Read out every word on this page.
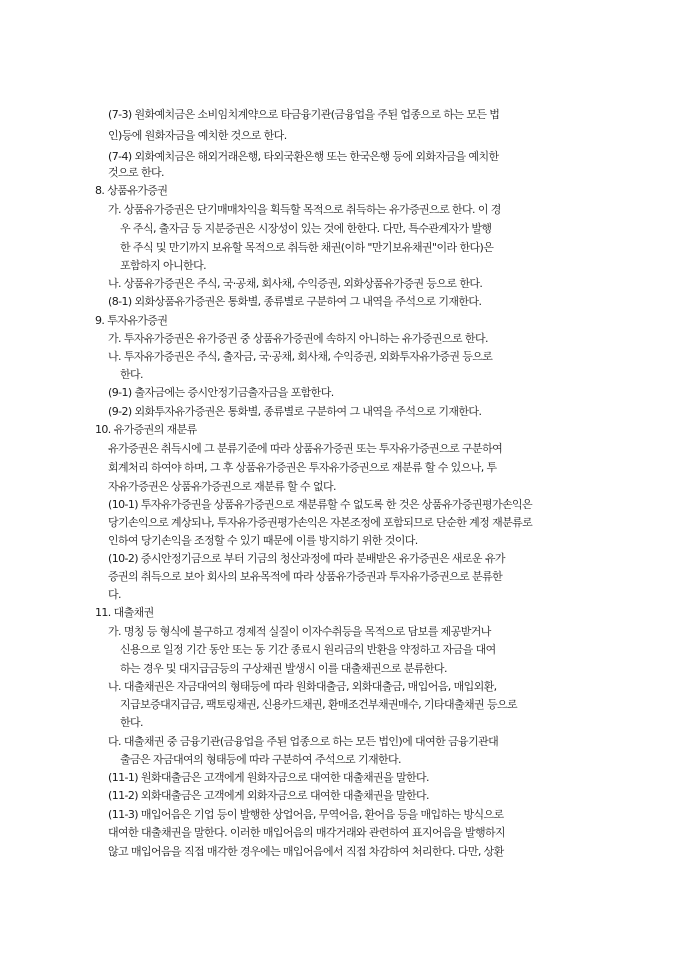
(7-3) 원화예치금은 소비임치계약으로 타금융기관(금융업을 주된 업종으로 하는 모든 법
인)등에 원화자금을 예치한 것으로 한다.
(7-4) 외화예치금은 해외거래은행, 타외국환은행 또는 한국은행 등에 외화자금을 예치한
것으로 한다.
8. 상품유가증권
가. 상품유가증권은 단기매매차익을 획득할 목적으로 취득하는 유가증권으로 한다. 이 경
우 주식, 출자금 등 지분증권은 시장성이 있는 것에 한한다. 다만, 특수관계자가 발행
한 주식 및 만기까지 보유할 목적으로 취득한 채권(이하 "만기보유채권"이라 한다)은
포함하지 아니한다.
나. 상품유가증권은 주식, 국·공채, 회사채, 수익증권, 외화상품유가증권 등으로 한다.
(8-1) 외화상품유가증권은 통화별, 종류별로 구분하여 그 내역을 주석으로 기재한다.
9. 투자유가증권
가. 투자유가증권은 유가증권 중 상품유가증권에 속하지 아니하는 유가증권으로 한다.
나. 투자유가증권은 주식, 출자금, 국·공채, 회사채, 수익증권, 외화투자유가증권 등으로
한다.
(9-1) 출자금에는 증시안정기금출자금을 포함한다.
(9-2) 외화투자유가증권은 통화별, 종류별로 구분하여 그 내역을 주석으로 기재한다.
10. 유가증권의 재분류
유가증권은 취득시에 그 분류기준에 따라 상품유가증권 또는 투자유가증권으로 구분하여
회계처리 하여야 하며, 그 후 상품유가증권은 투자유가증권으로 재분류 할 수 있으나, 투
자유가증권은 상품유가증권으로 재분류 할 수 없다.
(10-1) 투자유가증권을 상품유가증권으로 재분류할 수 없도록 한 것은 상품유가증권평가손익은
당기손익으로 계상되나, 투자유가증권평가손익은 자본조정에 포함되므로 단순한 계정 재분류로
인하여 당기손익을 조정할 수 있기 때문에 이를 방지하기 위한 것이다.
(10-2) 증시안정기금으로 부터 기금의 청산과정에 따라 분배받은 유가증권은 새로운 유가
증권의 취득으로 보아 회사의 보유목적에 따라 상품유가증권과 투자유가증권으로 분류한
다.
11. 대출채권
가. 명칭 등 형식에 불구하고 경제적 실질이 이자수취등을 목적으로 담보를 제공받거나
신용으로 일정 기간 동안 또는 동 기간 종료시 원리금의 반환을 약정하고 자금을 대여
하는 경우 및 대지급금등의 구상채권 발생시 이를 대출채권으로 분류한다.
나. 대출채권은 자금대여의 형태등에 따라 원화대출금, 외화대출금, 매입어음, 매입외환,
지급보증대지급금, 팩토링채권, 신용카드채권, 환매조건부채권매수, 기타대출채권 등으로
한다.
다. 대출채권 중 금융기관(금융업을 주된 업종으로 하는 모든 법인)에 대여한 금융기관대
출금은 자금대여의 형태등에 따라 구분하여 주석으로 기재한다.
(11-1) 원화대출금은 고객에게 원화자금으로 대여한 대출채권을 말한다.
(11-2) 외화대출금은 고객에게 외화자금으로 대여한 대출채권을 말한다.
(11-3) 매입어음은 기업 등이 발행한 상업어음, 무역어음, 환어음 등을 매입하는 방식으로
대여한 대출채권을 말한다. 이러한 매입어음의 매각거래와 관련하여 표지어음을 발행하지
않고 매입어음을 직접 매각한 경우에는 매입어음에서 직접 차감하여 처리한다. 다만, 상환
